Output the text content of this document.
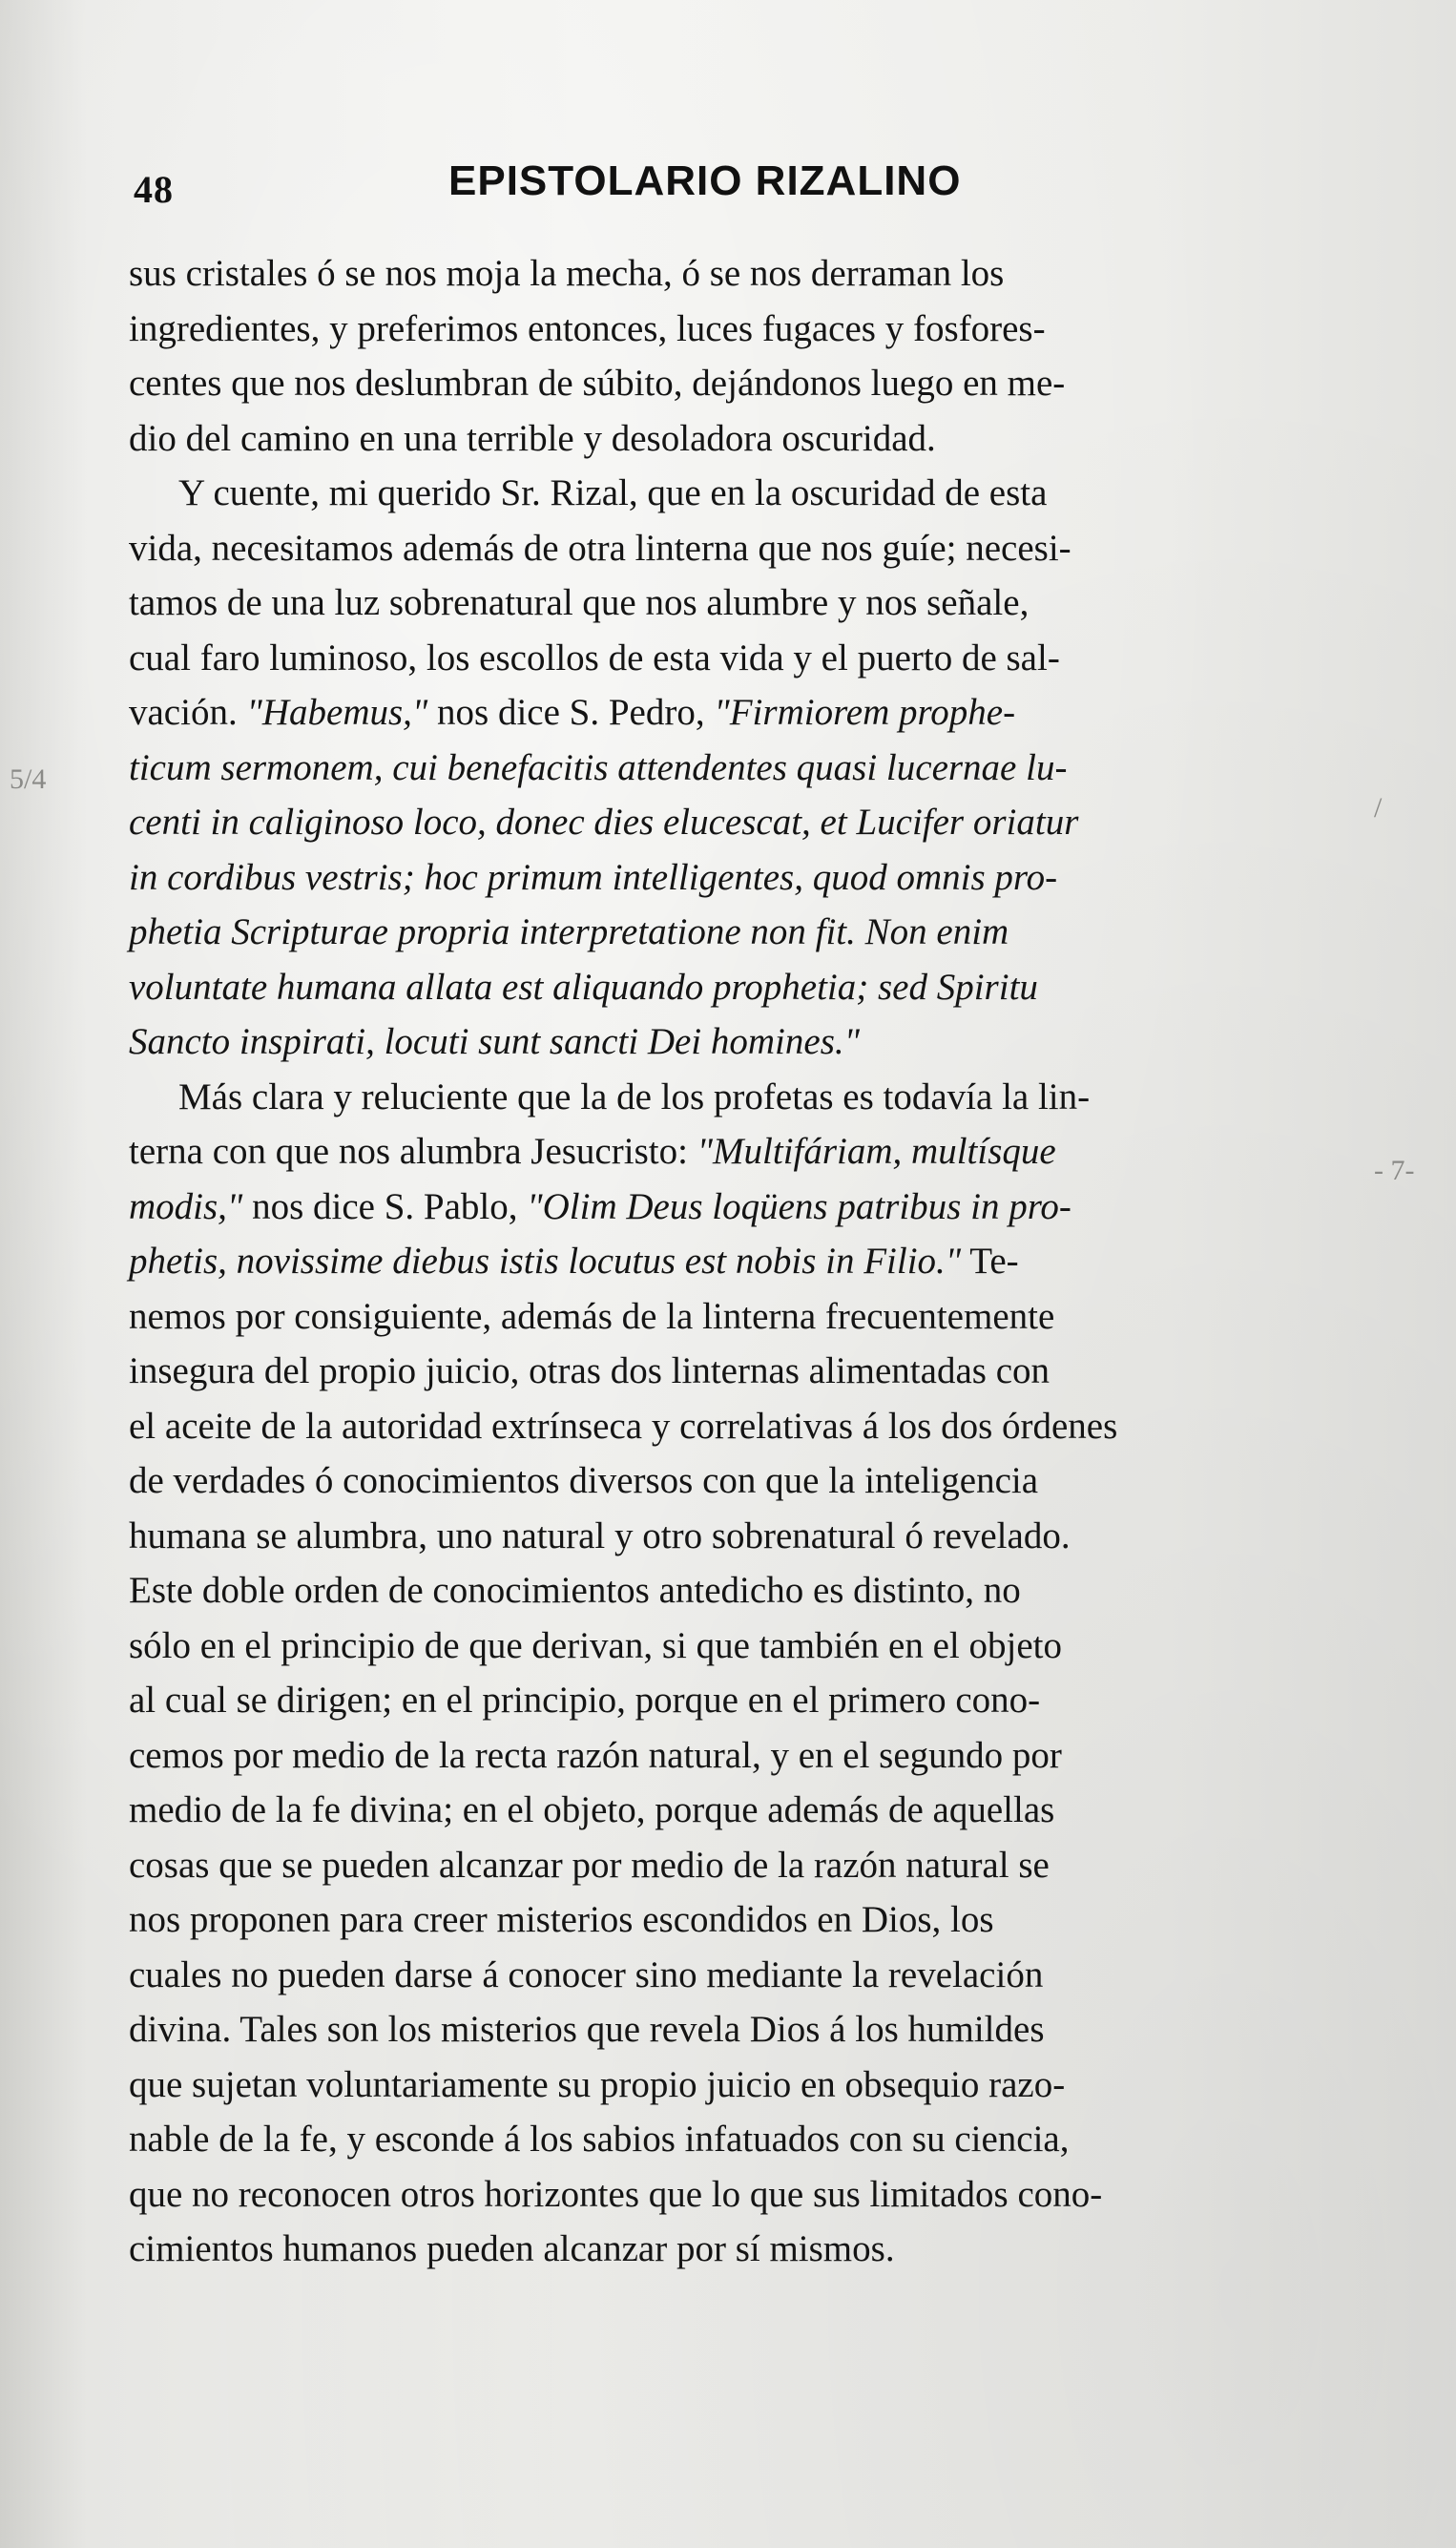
48	EPISTOLARIO RIZALINO
5/4
/
- 7-
sus cristales ó se nos moja la mecha, ó se nos derraman los
ingredientes, y preferimos entonces, luces fugaces y fosfores-
centes que nos deslumbran de súbito, dejándonos luego en me-
dio del camino en una terrible y desoladora oscuridad.
Y cuente, mi querido Sr. Rizal, que en la oscuridad de esta
vida, necesitamos además de otra linterna que nos guíe; necesi-
tamos de una luz sobrenatural que nos alumbre y nos señale,
cual faro luminoso, los escollos de esta vida y el puerto de sal-
vación. "Habemus," nos dice S. Pedro, "Firmiorem prophe-
ticum sermonem, cui benefacitis attendentes quasi lucernae lu-
centi in caliginoso loco, donec dies elucescat, et Lucifer oriatur
in cordibus vestris; hoc primum intelligentes, quod omnis pro-
phetia Scripturae propria interpretatione non fit. Non enim
voluntate humana allata est aliquando prophetia; sed Spiritu
Sancto inspirati, locuti sunt sancti Dei homines."
Más clara y reluciente que la de los profetas es todavía la lin-
terna con que nos alumbra Jesucristo: "Multifáriam, multísque
modis," nos dice S. Pablo, "Olim Deus loqüens patribus in pro-
phetis, novissime diebus istis locutus est nobis in Filio." Te-
nemos por consiguiente, además de la linterna frecuentemente
insegura del propio juicio, otras dos linternas alimentadas con
el aceite de la autoridad extrínseca y correlativas á los dos órdenes
de verdades ó conocimientos diversos con que la inteligencia
humana se alumbra, uno natural y otro sobrenatural ó revelado.
Este doble orden de conocimientos antedicho es distinto, no
sólo en el principio de que derivan, si que también en el objeto
al cual se dirigen; en el principio, porque en el primero cono-
cemos por medio de la recta razón natural, y en el segundo por
medio de la fe divina; en el objeto, porque además de aquellas
cosas que se pueden alcanzar por medio de la razón natural se
nos proponen para creer misterios escondidos en Dios, los
cuales no pueden darse á conocer sino mediante la revelación
divina. Tales son los misterios que revela Dios á los humildes
que sujetan voluntariamente su propio juicio en obsequio razo-
nable de la fe, y esconde á los sabios infatuados con su ciencia,
que no reconocen otros horizontes que lo que sus limitados cono-
cimientos humanos pueden alcanzar por sí mismos.
